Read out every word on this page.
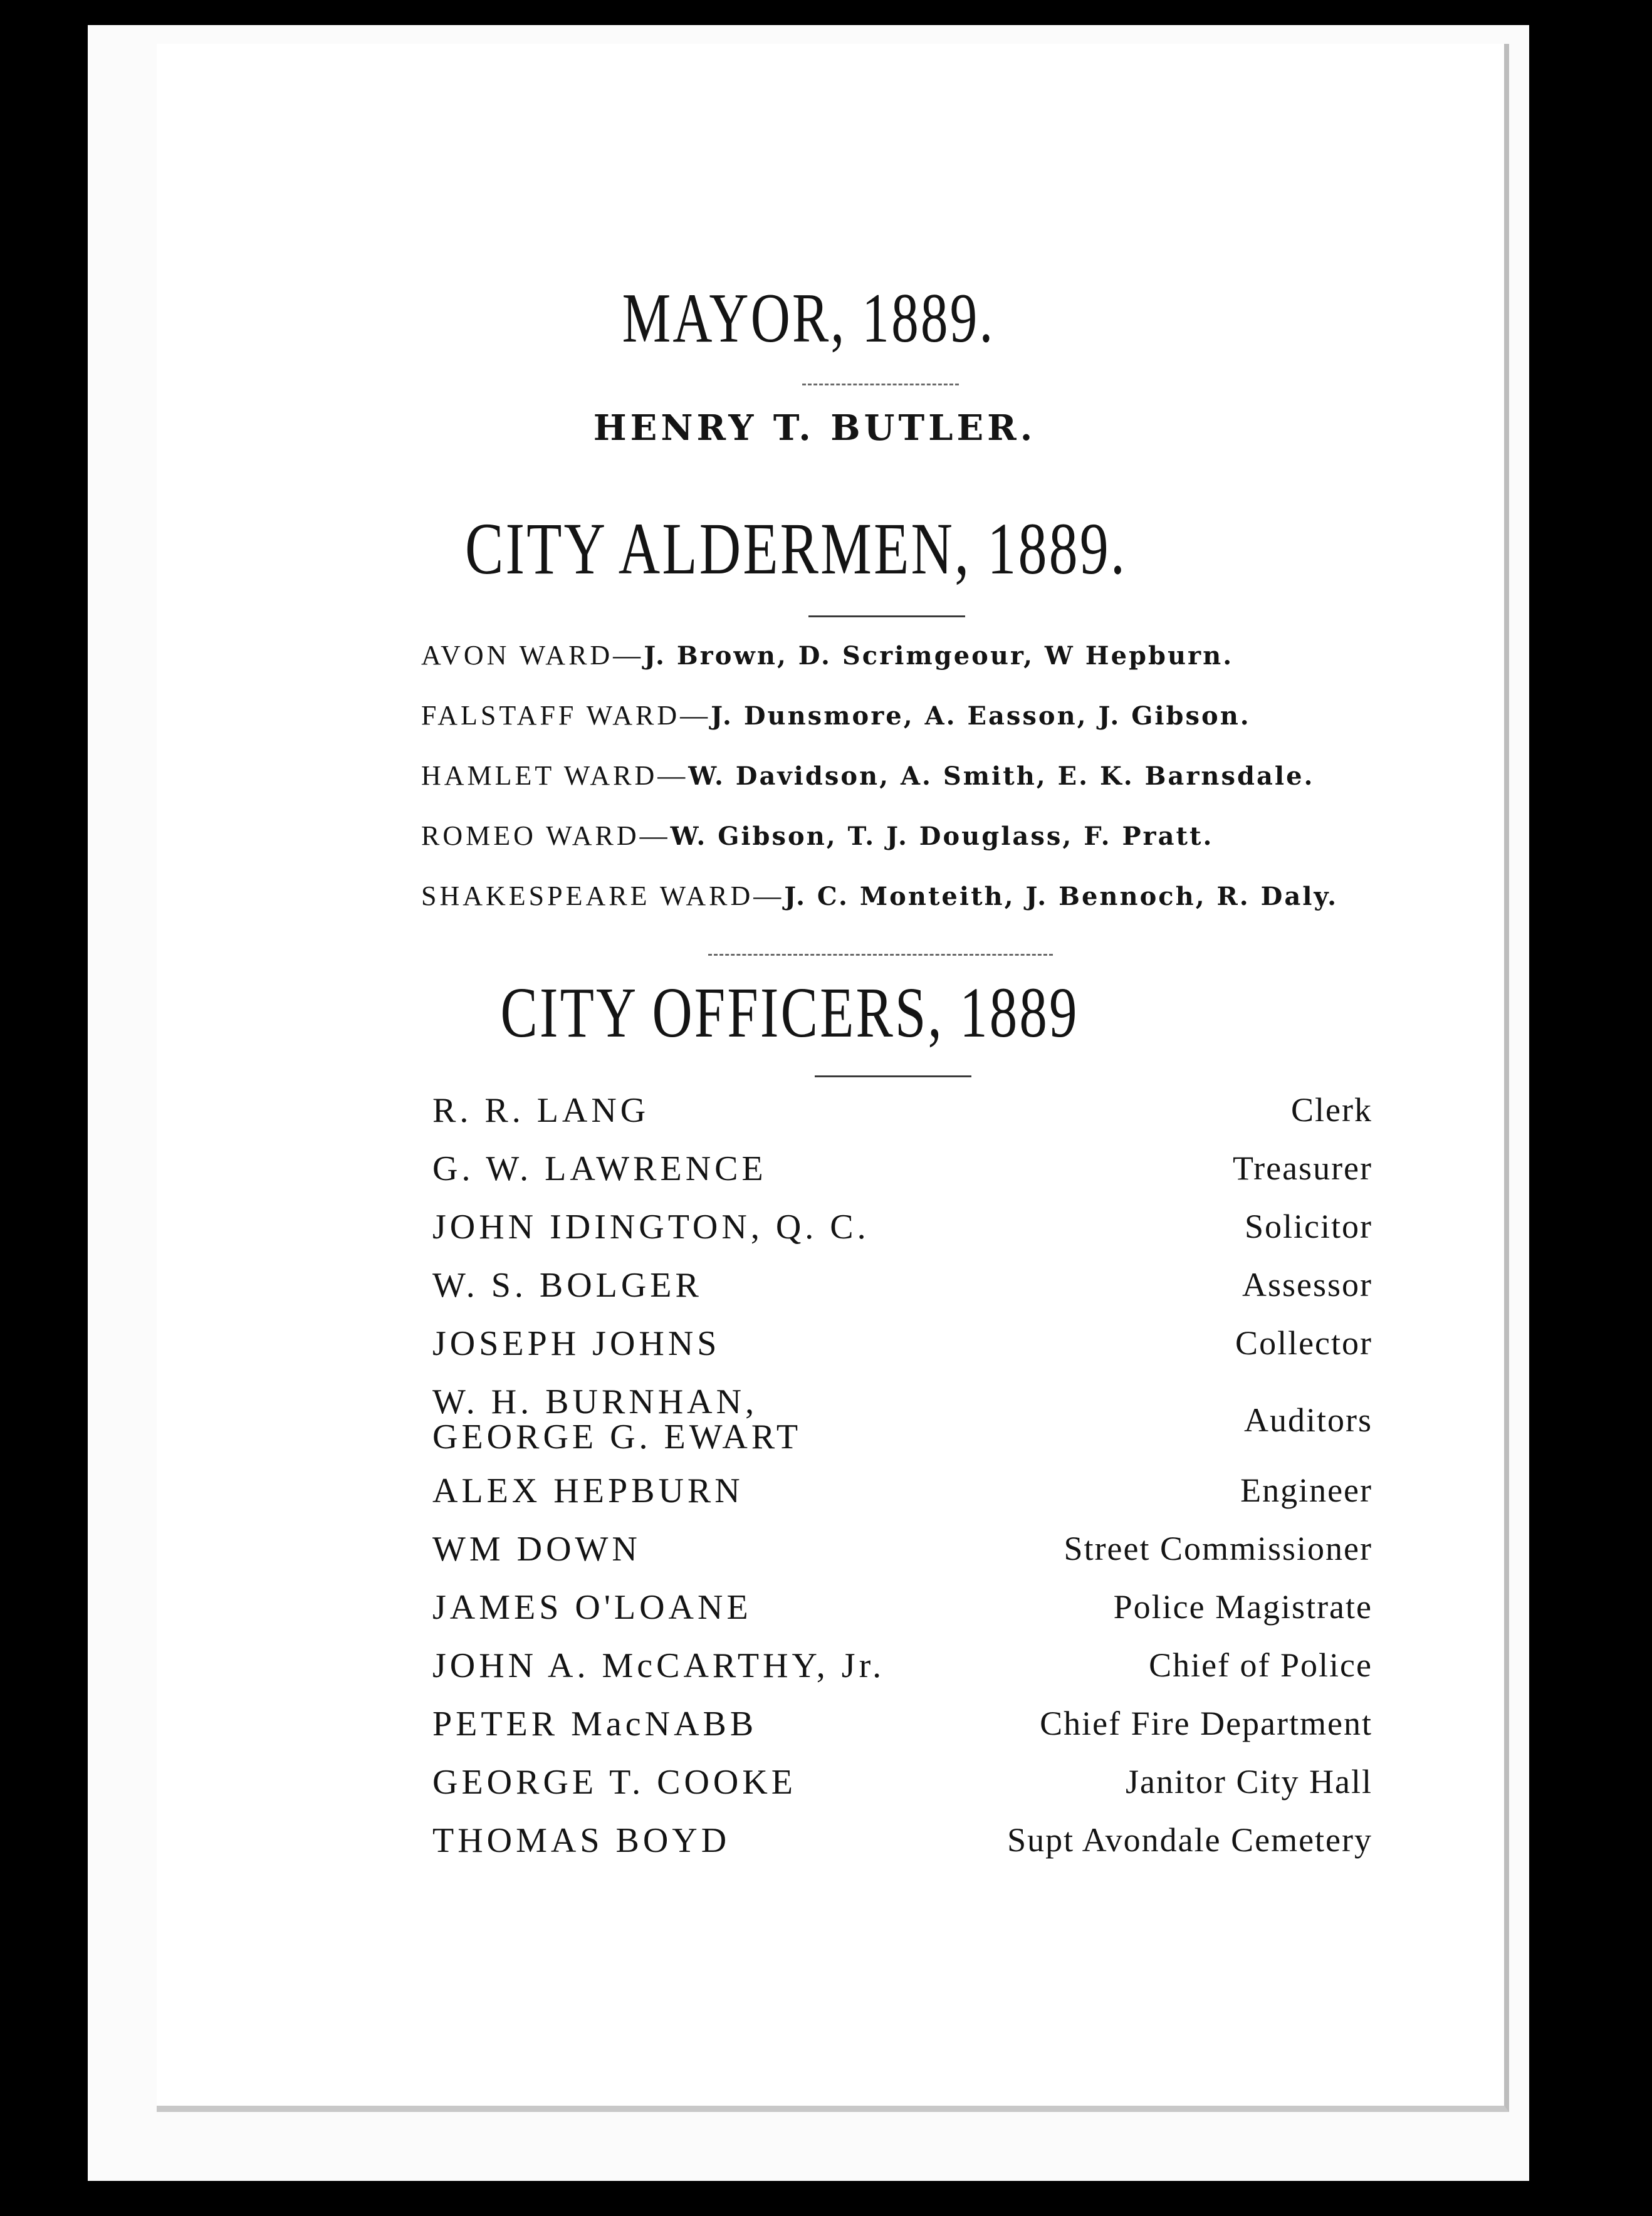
MAYOR, 1889.
HENRY T. BUTLER.
CITY ALDERMEN, 1889.
AVON WARD—J. Brown, D. Scrimgeour, W Hepburn.
FALSTAFF WARD—J. Dunsmore, A. Easson, J. Gibson.
HAMLET WARD—W. Davidson, A. Smith, E. K. Barnsdale.
ROMEO WARD—W. Gibson, T. J. Douglass, F. Pratt.
SHAKESPEARE WARD—J. C. Monteith, J. Bennoch, R. Daly.
CITY OFFICERS, 1889
R. R. LANG	Clerk
G. W. LAWRENCE	Treasurer
JOHN IDINGTON, Q. C.	Solicitor
W. S. BOLGER	Assessor
JOSEPH JOHNS	Collector
W. H. BURNHAN,
GEORGE G. EWART	Auditors
ALEX HEPBURN	Engineer
WM DOWN	Street Commissioner
JAMES O'LOANE	Police Magistrate
JOHN A. McCARTHY, Jr.	Chief of Police
PETER MacNABB	Chief Fire Department
GEORGE T. COOKE	Janitor City Hall
THOMAS BOYD	Supt Avondale Cemetery
